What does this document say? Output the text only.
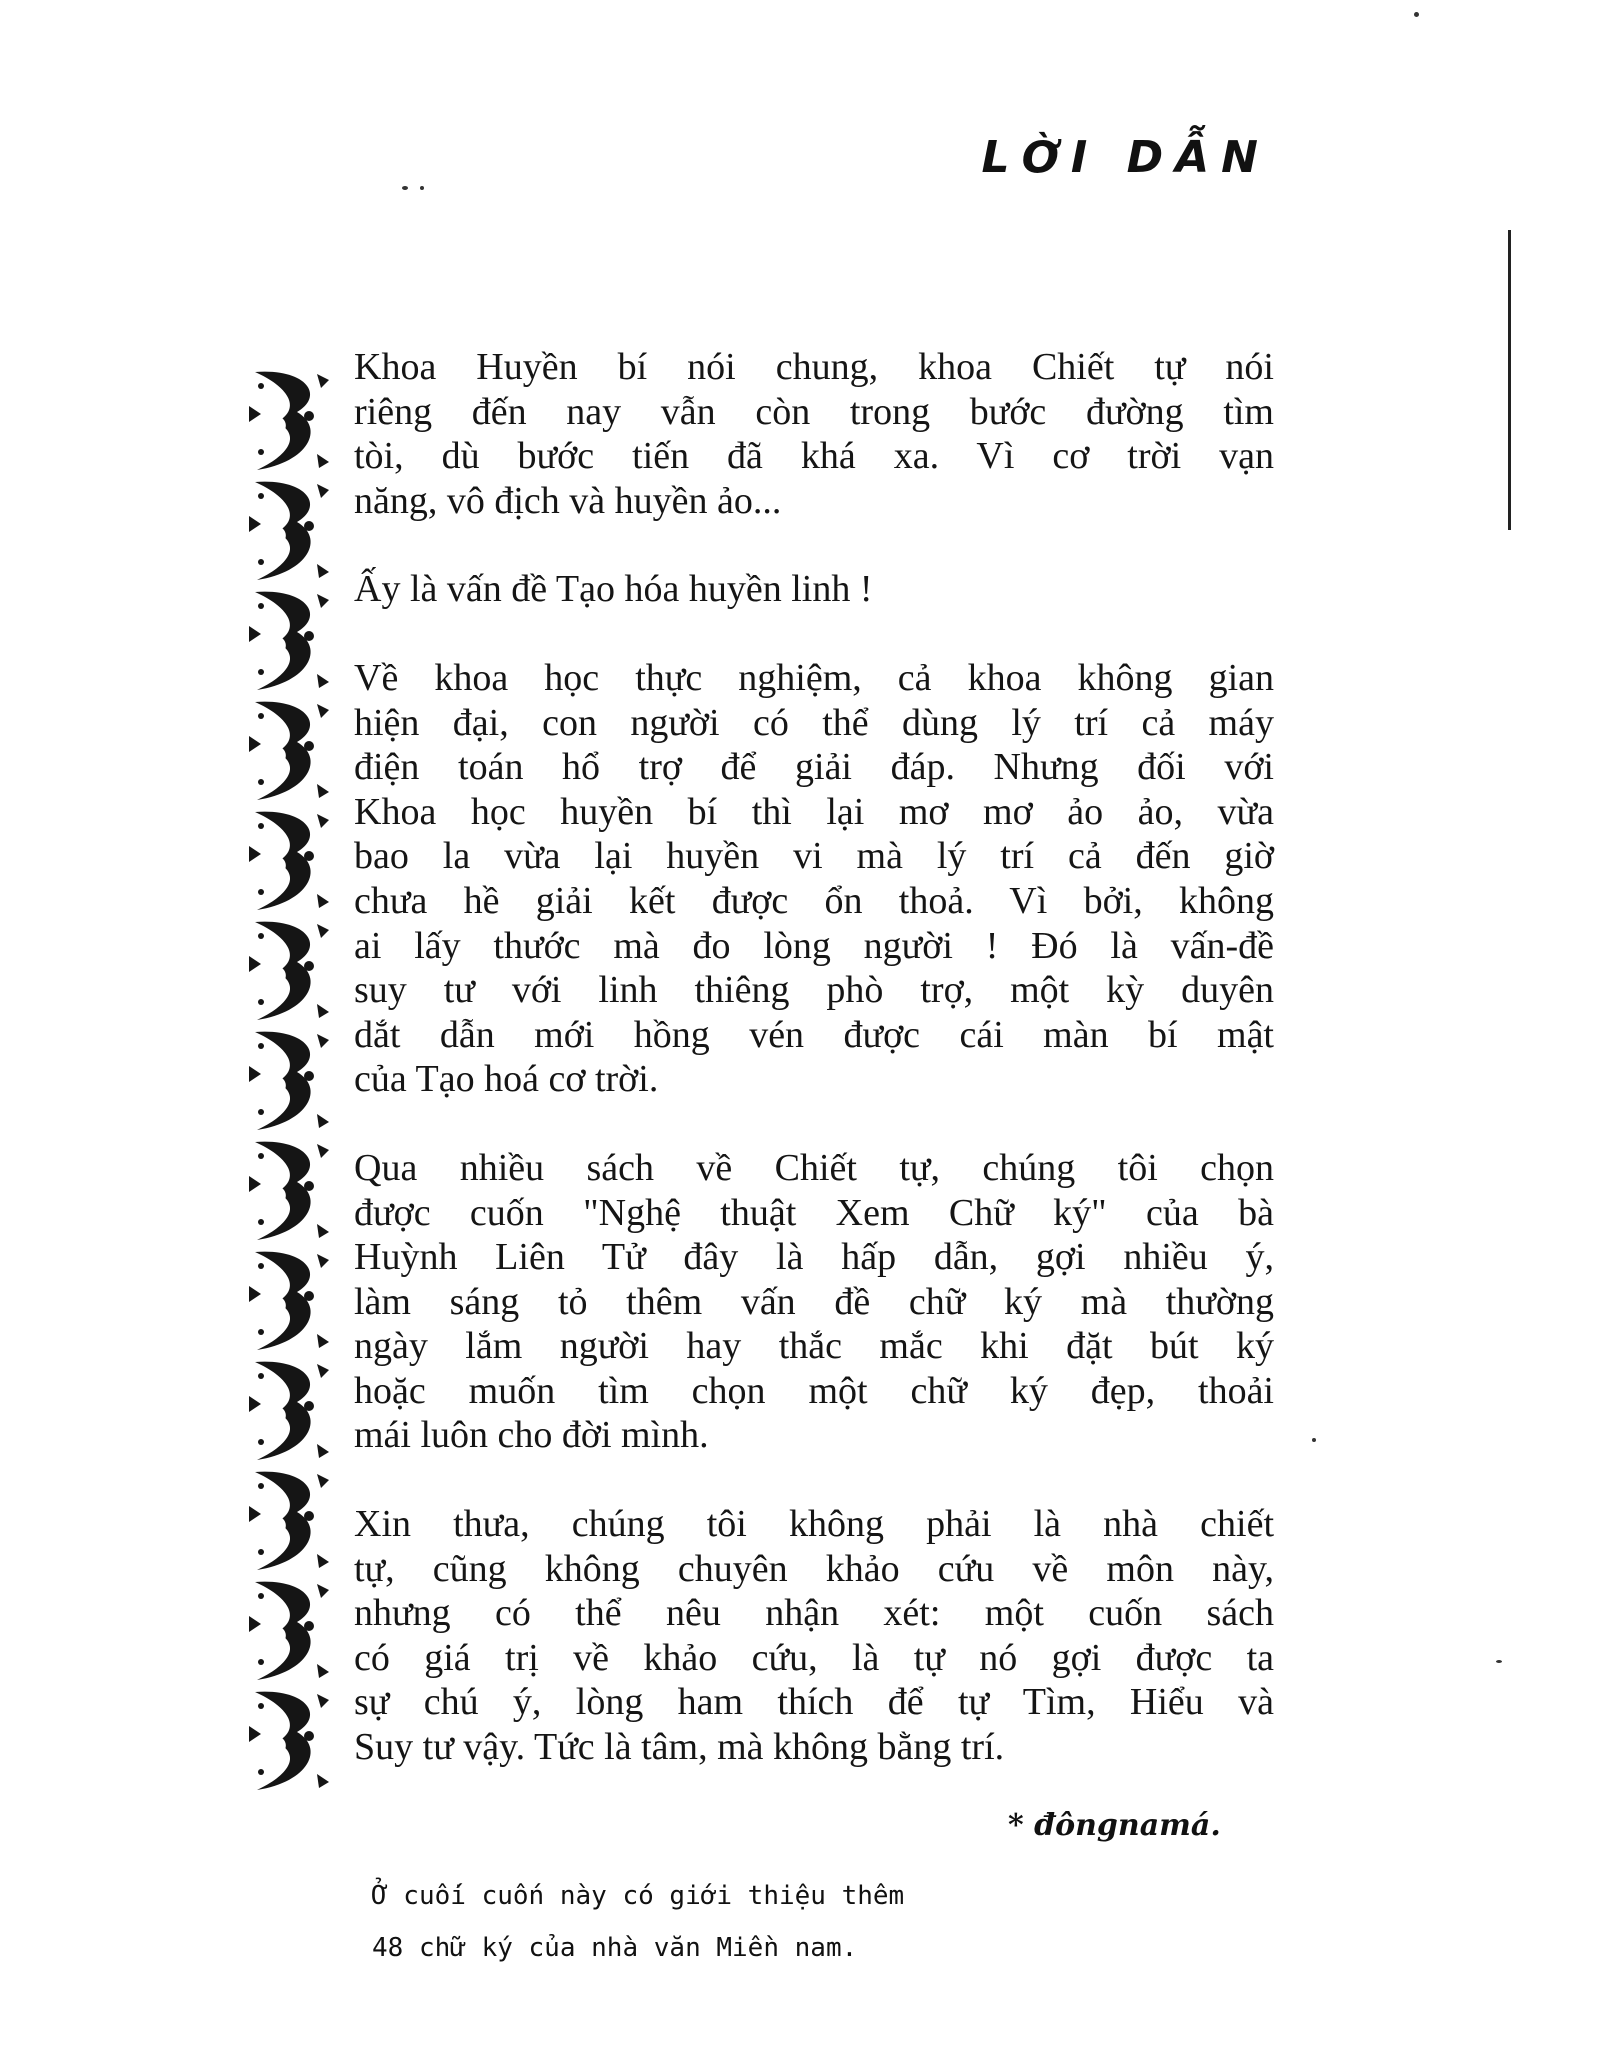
LỜI DẪN

Khoa Huyền bí nói chung, khoa Chiết tự nói
riêng đến nay vẫn còn trong bước đường tìm
tòi, dù bước tiến đã khá xa. Vì cơ trời vạn
năng, vô địch và huyền ảo...

Ấy là vấn đề Tạo hóa huyền linh !

Về khoa học thực nghiệm, cả khoa không gian
hiện đại, con người có thể dùng lý trí cả máy
điện toán hổ trợ để giải đáp. Nhưng đối với
Khoa học huyền bí thì lại mơ mơ ảo ảo, vừa
bao la vừa lại huyền vi mà lý trí cả đến giờ
chưa hề giải kết được ổn thoả. Vì bởi, không
ai lấy thước mà đo lòng người ! Đó là vấn-đề
suy tư với linh thiêng phò trợ, một kỳ duyên
dắt dẫn mới hồng vén được cái màn bí mật
của Tạo hoá cơ trời.

Qua nhiều sách về Chiết tự, chúng tôi chọn
được cuốn "Nghệ thuật Xem Chữ ký" của bà
Huỳnh Liên Tử đây là hấp dẫn, gợi nhiều ý,
làm sáng tỏ thêm vấn đề chữ ký mà thường
ngày lắm người hay thắc mắc khi đặt bút ký
hoặc muốn tìm chọn một chữ ký đẹp, thoải
mái luôn cho đời mình.

Xin thưa, chúng tôi không phải là nhà chiết
tự, cũng không chuyên khảo cứu về môn này,
nhưng có thể nêu nhận xét: một cuốn sách
có giá trị về khảo cứu, là tự nó gợi được ta
sự chú ý, lòng ham thích để tự Tìm, Hiểu và
Suy tư vậy. Tức là tâm, mà không bằng trí.

* đôngnamá.
Ở cuối cuốn này có giới thiệu thêm
48 chữ ký của nhà văn Miền nam.
